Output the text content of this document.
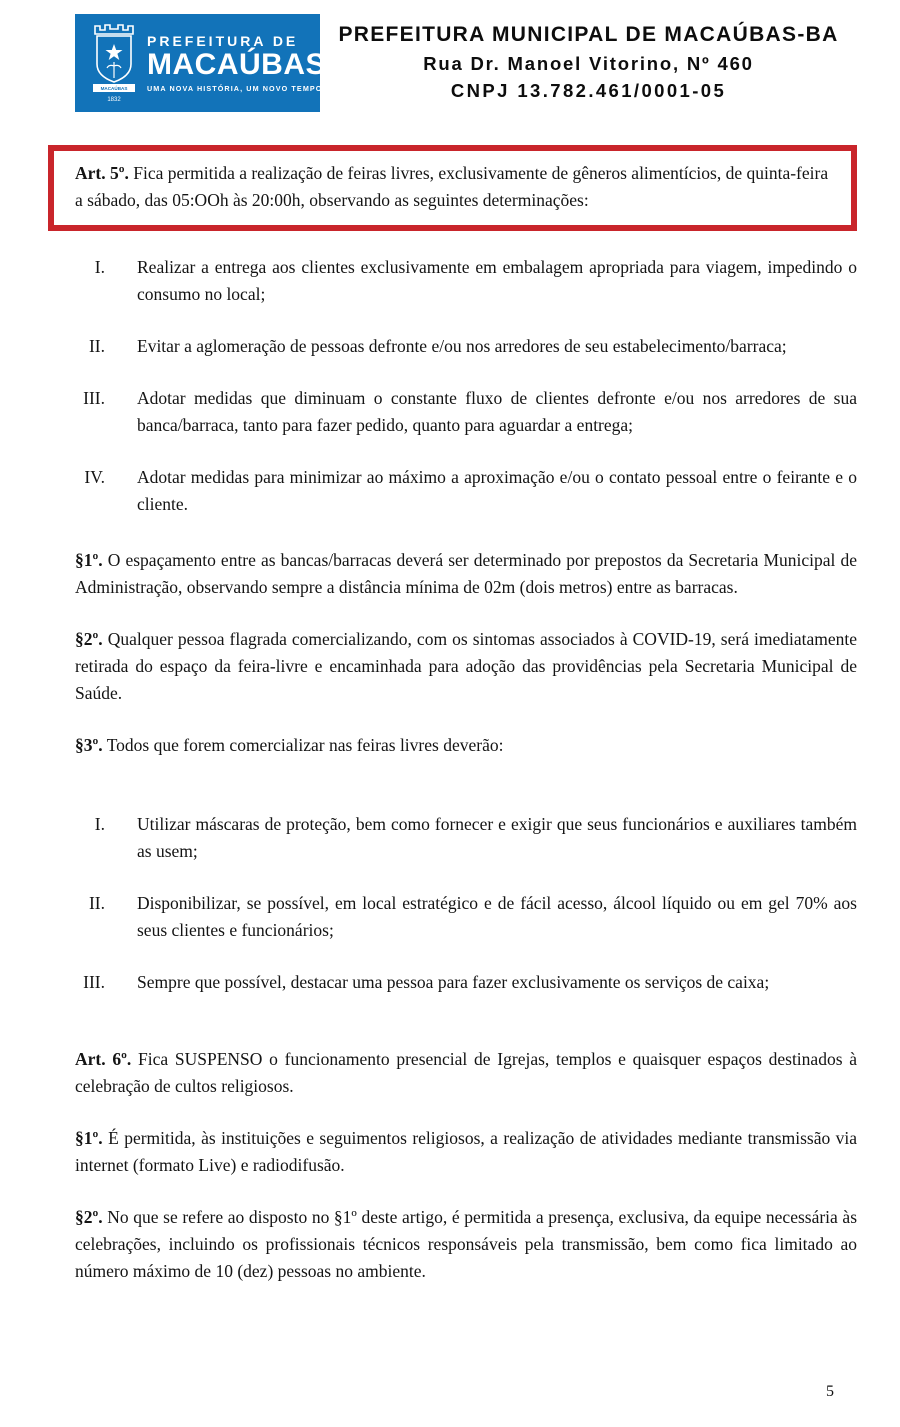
MACAÚBAS
1832
PREFEITURA DE
MACAÚBAS
UMA NOVA HISTÓRIA, UM NOVO TEMPO
PREFEITURA MUNICIPAL DE MACAÚBAS-BA
Rua Dr. Manoel Vitorino, Nº 460
CNPJ 13.782.461/0001-05
Art. 5º. Fica permitida a realização de feiras livres, exclusivamente de gêneros alimentícios, de quinta-feira a sábado, das 05:OOh às 20:00h, observando as seguintes determinações:
I. Realizar a entrega aos clientes exclusivamente em embalagem apropriada para viagem, impedindo o consumo no local;
II. Evitar a aglomeração de pessoas defronte e/ou nos arredores de seu estabelecimento/barraca;
III. Adotar medidas que diminuam o constante fluxo de clientes defronte e/ou nos arredores de sua banca/barraca, tanto para fazer pedido, quanto para aguardar a entrega;
IV. Adotar medidas para minimizar ao máximo a aproximação e/ou o contato pessoal entre o feirante e o cliente.

§1º. O espaçamento entre as bancas/barracas deverá ser determinado por prepostos da Secretaria Municipal de Administração, observando sempre a distância mínima de 02m (dois metros) entre as barracas.

§2º. Qualquer pessoa flagrada comercializando, com os sintomas associados à COVID-19, será imediatamente retirada do espaço da feira-livre e encaminhada para adoção das providências pela Secretaria Municipal de Saúde.

§3º. Todos que forem comercializar nas feiras livres deverão:

I. Utilizar máscaras de proteção, bem como fornecer e exigir que seus funcionários e auxiliares também as usem;
II. Disponibilizar, se possível, em local estratégico e de fácil acesso, álcool líquido ou em gel 70% aos seus clientes e funcionários;
III. Sempre que possível, destacar uma pessoa para fazer exclusivamente os serviços de caixa;

Art. 6º. Fica SUSPENSO o funcionamento presencial de Igrejas, templos e quaisquer espaços destinados à celebração de cultos religiosos.

§1º. É permitida, às instituições e seguimentos religiosos, a realização de atividades mediante transmissão via internet (formato Live) e radiodifusão.

§2º. No que se refere ao disposto no §1º deste artigo, é permitida a presença, exclusiva, da equipe necessária às celebrações, incluindo os profissionais técnicos responsáveis pela transmissão, bem como fica limitado ao número máximo de 10 (dez) pessoas no ambiente.

5
